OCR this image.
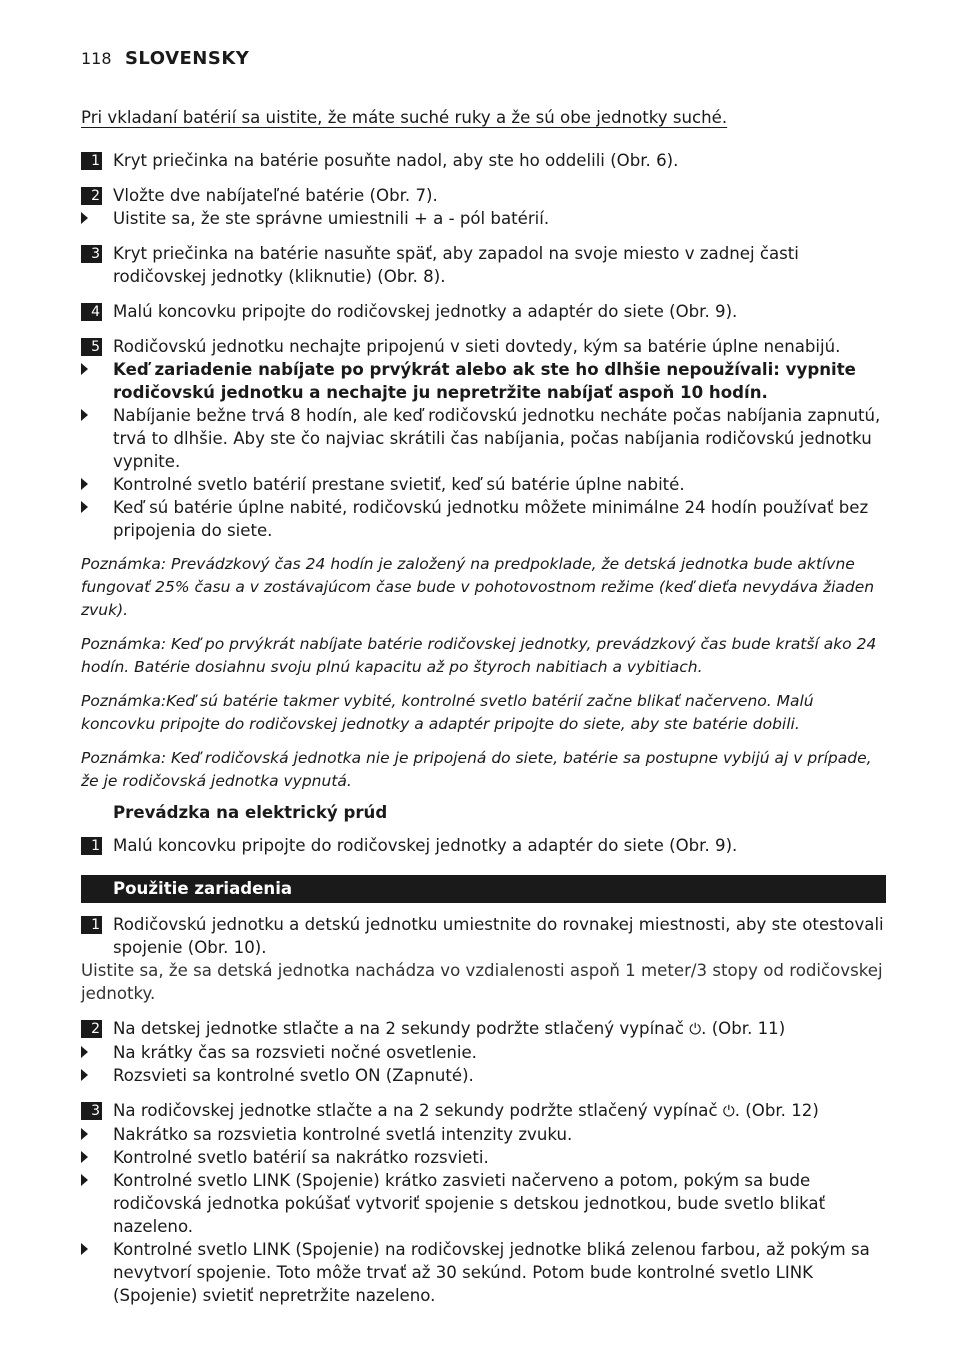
118 SLOVENSKY
Pri vkladaní batérií sa uistite, že máte suché ruky a že sú obe jednotky suché.
1 Kryt priečinka na batérie posuňte nadol, aby ste ho oddelili (Obr. 6).
2 Vložte dve nabíjateľné batérie (Obr. 7).
Uistite sa, že ste správne umiestnili + a - pól batérií.
3 Kryt priečinka na batérie nasuňte späť, aby zapadol na svoje miesto v zadnej časti rodičovskej jednotky (kliknutie) (Obr. 8).
4 Malú koncovku pripojte do rodičovskej jednotky a adaptér do siete (Obr. 9).
5 Rodičovskú jednotku nechajte pripojenú v sieti dovtedy, kým sa batérie úplne nenabijú.
Keď zariadenie nabíjate po prvýkrát alebo ak ste ho dlhšie nepoužívali: vypnite rodičovskú jednotku a nechajte ju nepretržite nabíjať aspoň 10 hodín.
Nabíjanie bežne trvá 8 hodín, ale keď rodičovskú jednotku necháte počas nabíjania zapnutú, trvá to dlhšie. Aby ste čo najviac skrátili čas nabíjania, počas nabíjania rodičovskú jednotku vypnite.
Kontrolné svetlo batérií prestane svietiť, keď sú batérie úplne nabité.
Keď sú batérie úplne nabité, rodičovskú jednotku môžete minimálne 24 hodín používať bez pripojenia do siete.
Poznámka: Prevádzkový čas 24 hodín je založený na predpoklade, že detská jednotka bude aktívne fungovať 25% času a v zostávajúcom čase bude v pohotovostnom režime (keď dieťa nevydáva žiaden zvuk).
Poznámka: Keď po prvýkrát nabíjate batérie rodičovskej jednotky, prevádzkový čas bude kratší ako 24 hodín. Batérie dosiahnu svoju plnú kapacitu až po štyroch nabitiach a vybitiach.
Poznámka:Keď sú batérie takmer vybité, kontrolné svetlo batérií začne blikať načerveno. Malú koncovku pripojte do rodičovskej jednotky a adaptér pripojte do siete, aby ste batérie dobili.
Poznámka: Keď rodičovská jednotka nie je pripojená do siete, batérie sa postupne vybijú aj v prípade, že je rodičovská jednotka vypnutá.
Prevádzka na elektrický prúd
1 Malú koncovku pripojte do rodičovskej jednotky a adaptér do siete (Obr. 9).
Použitie zariadenia
1 Rodičovskú jednotku a detskú jednotku umiestnite do rovnakej miestnosti, aby ste otestovali spojenie (Obr. 10).
Uistite sa, že sa detská jednotka nachádza vo vzdialenosti aspoň 1 meter/3 stopy od rodičovskej jednotky.
2 Na detskej jednotke stlačte a na 2 sekundy podržte stlačený vypínač ⏻. (Obr. 11)
Na krátky čas sa rozsvieti nočné osvetlenie.
Rozsvieti sa kontrolné svetlo ON (Zapnuté).
3 Na rodičovskej jednotke stlačte a na 2 sekundy podržte stlačený vypínač ⏻. (Obr. 12)
Nakrátko sa rozsvietia kontrolné svetlá intenzity zvuku.
Kontrolné svetlo batérií sa nakrátko rozsvieti.
Kontrolné svetlo LINK (Spojenie) krátko zasvieti načerveno a potom, pokým sa bude rodičovská jednotka pokúšať vytvoriť spojenie s detskou jednotkou, bude svetlo blikať nazeleno.
Kontrolné svetlo LINK (Spojenie) na rodičovskej jednotke bliká zelenou farbou, až pokým sa nevytvorí spojenie. Toto môže trvať až 30 sekúnd. Potom bude kontrolné svetlo LINK (Spojenie) svietiť nepretržite nazeleno.
